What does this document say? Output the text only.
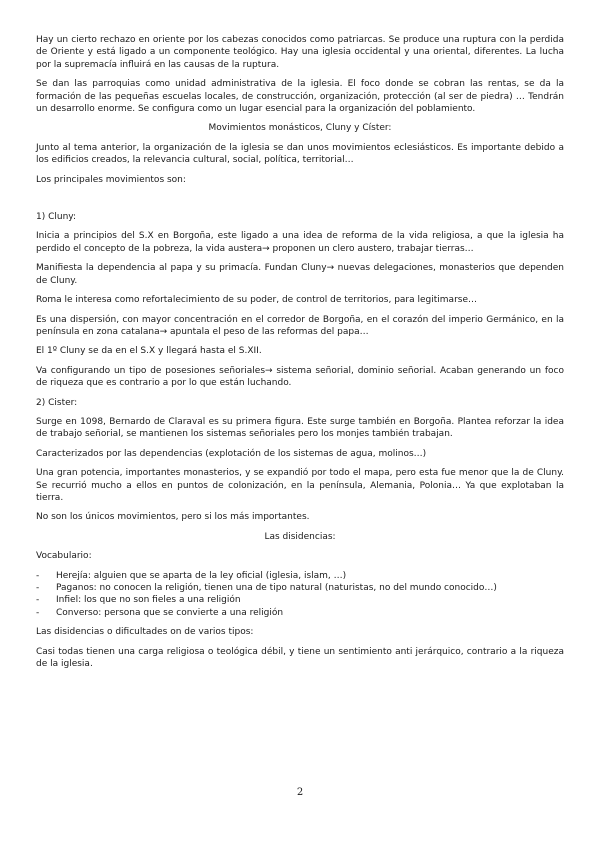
Hay un cierto rechazo en oriente por los cabezas conocidos como patriarcas. Se produce una ruptura con la perdida de Oriente y está ligado a un componente teológico. Hay una iglesia occidental y una oriental, diferentes. La lucha por la supremacía influirá en las causas de la ruptura.

Se dan las parroquias como unidad administrativa de la iglesia. El foco donde se cobran las rentas, se da la formación de las pequeñas escuelas locales, de construcción, organización, protección (al ser de piedra) … Tendrán un desarrollo enorme. Se configura como un lugar esencial para la organización del poblamiento.

Movimientos monásticos, Cluny y Císter:

Junto al tema anterior, la organización de la iglesia se dan unos movimientos eclesiásticos. Es importante debido a los edificios creados, la relevancia cultural, social, política, territorial…

Los principales movimientos son:

1) Cluny:

Inicia a principios del S.X en Borgoña, este ligado a una idea de reforma de la vida religiosa, a que la iglesia ha perdido el concepto de la pobreza, la vida austera→ proponen un clero austero, trabajar tierras…

Manifiesta la dependencia al papa y su primacía. Fundan Cluny→ nuevas delegaciones, monasterios que dependen de Cluny.

Roma le interesa como refortalecimiento de su poder, de control de territorios, para legitimarse…

Es una dispersión, con mayor concentración en el corredor de Borgoña, en el corazón del imperio Germánico, en la península en zona catalana→ apuntala el peso de las reformas del papa…

El 1º Cluny se da en el S.X y llegará hasta el S.XII.

Va configurando un tipo de posesiones señoriales→ sistema señorial, dominio señorial. Acaban generando un foco de riqueza que es contrario a por lo que están luchando.

2) Cister:

Surge en 1098, Bernardo de Claraval es su primera figura. Este surge también en Borgoña. Plantea reforzar la idea de trabajo señorial, se mantienen los sistemas señoriales pero los monjes también trabajan.

Caracterizados por las dependencias (explotación de los sistemas de agua, molinos…)

Una gran potencia, importantes monasterios, y se expandió por todo el mapa, pero esta fue menor que la de Cluny. Se recurrió mucho a ellos en puntos de colonización, en la península, Alemania, Polonia… Ya que explotaban la tierra.

No son los únicos movimientos, pero si los más importantes.

Las disidencias:

Vocabulario:

- Herejía: alguien que se aparta de la ley oficial (iglesia, islam, …)
- Paganos: no conocen la religión, tienen una de tipo natural (naturistas, no del mundo conocido…)
- Infiel: los que no son fieles a una religión
- Converso: persona que se convierte a una religión

Las disidencias o dificultades on de varios tipos:

Casi todas tienen una carga religiosa o teológica débil, y tiene un sentimiento anti jerárquico, contrario a la riqueza de la iglesia.

2
